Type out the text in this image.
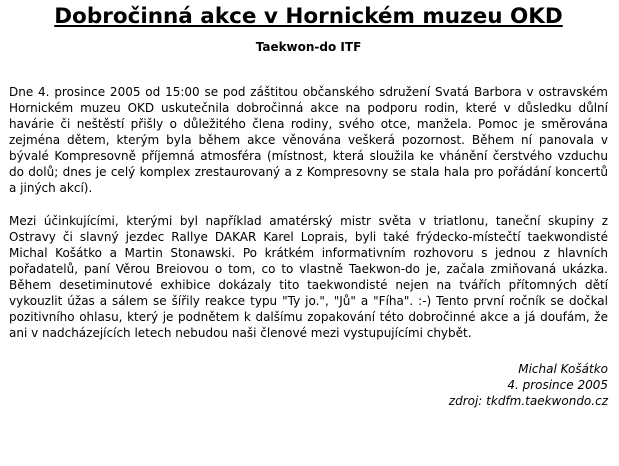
Dobročinná akce v Hornickém muzeu OKD
Taekwon-do ITF

Dne 4. prosince 2005 od 15:00 se pod záštitou občanského sdružení Svatá Barbora v ostravském Hornickém muzeu OKD uskutečnila dobročinná akce na podporu rodin, které v důsledku důlní havárie či neštěstí přišly o důležitého člena rodiny, svého otce, manžela. Pomoc je směrována zejména dětem, kterým byla během akce věnována veškerá pozornost. Během ní panovala v bývalé Kompresovně příjemná atmosféra (místnost, která sloužila ke vhánění čerstvého vzduchu do dolů; dnes je celý komplex zrestaurovaný a z Kompresovny se stala hala pro pořádání koncertů a jiných akcí).

Mezi účinkujícími, kterými byl například amatérský mistr světa v triatlonu, taneční skupiny z Ostravy či slavný jezdec Rallye DAKAR Karel Loprais, byli také frýdecko-místečtí taekwondisté Michal Košátko a Martin Stonawski. Po krátkém informativním rozhovoru s jednou z hlavních pořadatelů, paní Věrou Breiovou o tom, co to vlastně Taekwon-do je, začala zmiňovaná ukázka. Během desetiminutové exhibice dokázaly tito taekwondisté nejen na tvářích přítomných dětí vykouzlit úžas a sálem se šířily reakce typu "Ty jo.", "Jů" a "Fíha". :-) Tento první ročník se dočkal pozitivního ohlasu, který je podnětem k dalšímu zopakování této dobročinné akce a já doufám, že ani v nadcházejících letech nebudou naši členové mezi vystupujícími chybět.

Michal Košátko
4. prosince 2005
zdroj: tkdfm.taekwondo.cz
